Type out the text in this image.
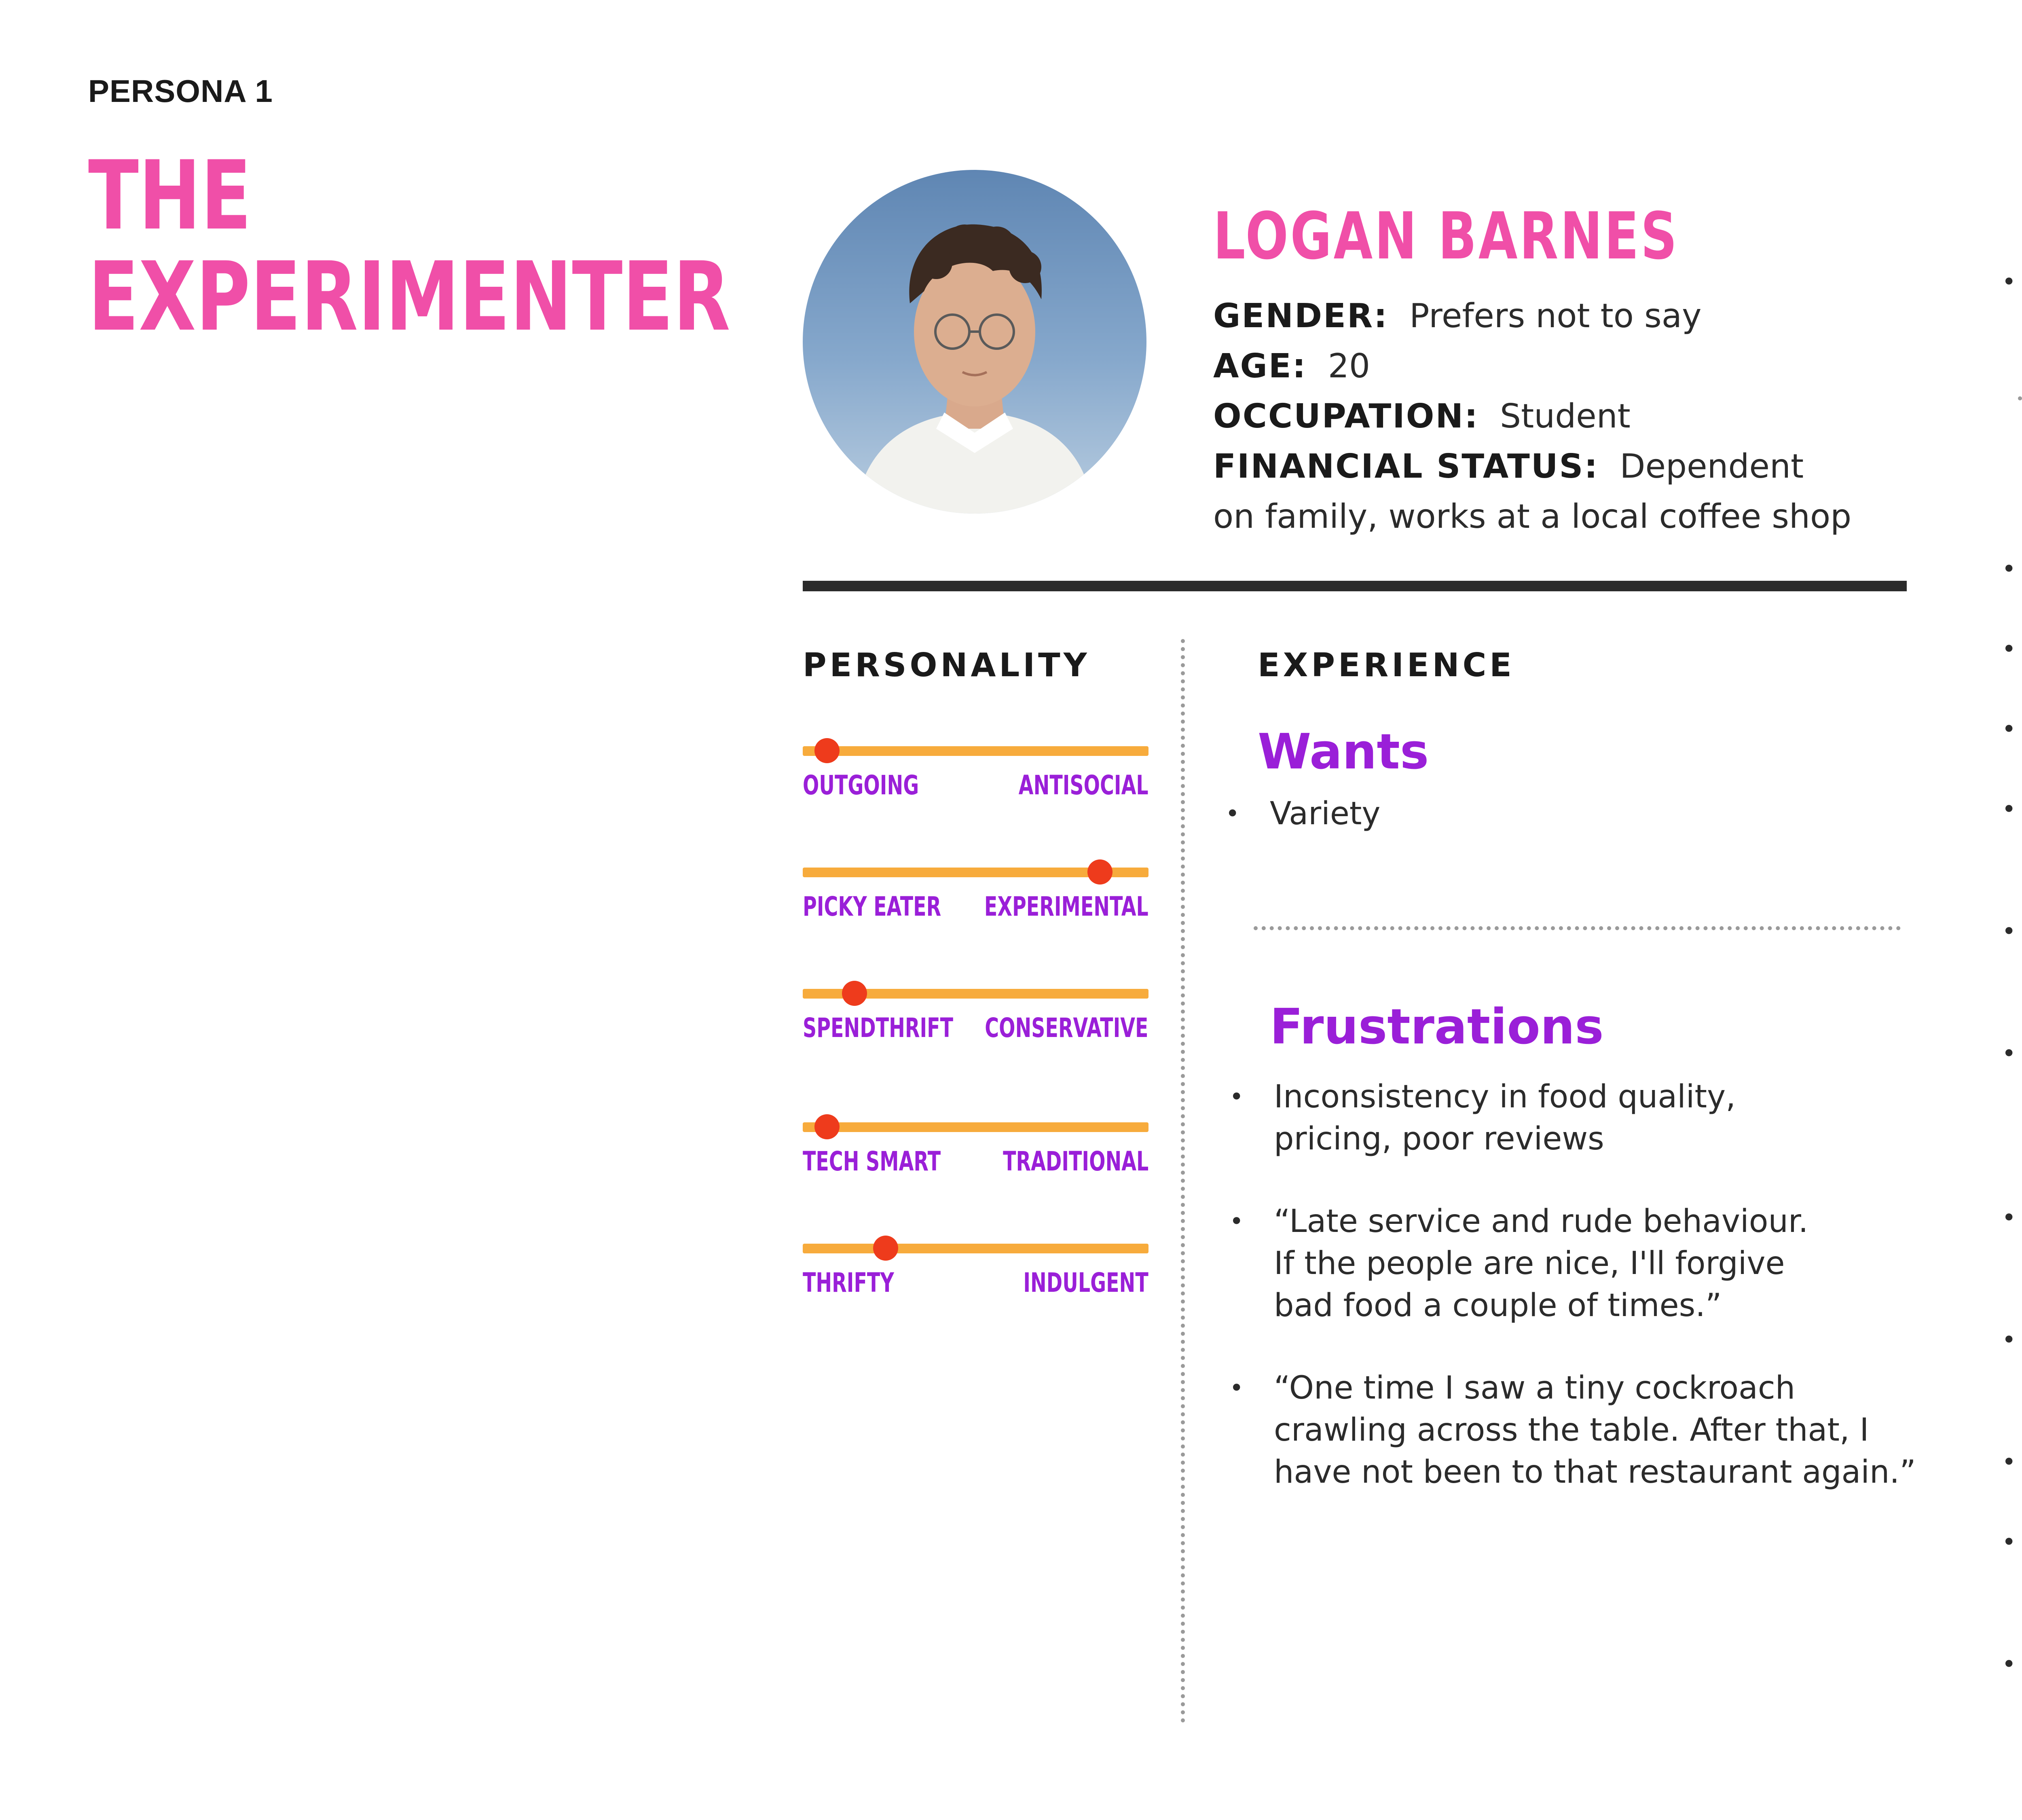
PERSONA 1
THE
EXPERIMENTER
LOGAN BARNES
GENDER: Prefers not to say
AGE: 20
OCCUPATION: Student
FINANCIAL STATUS: Dependent
on family, works at a local coffee shop
PERSONALITY
OUTGOING	ANTISOCIAL
PICKY EATER EXPERIMENTAL
SPENDTHRIFT CONSERVATIVE
TECH SMART TRADITIONAL
THRIFTY	INDULGENT
EXPERIENCE
Wants
• Variety
Frustrations
• Inconsistency in food quality,
pricing, poor reviews
• “Late service and rude behaviour.
If the people are nice, I'll forgive
bad food a couple of times.”
• “One time I saw a tiny cockroach
crawling across the table. After that, I
have not been to that restaurant again.”
•
•
•
•
•
•
•
•
•
•
•
•
